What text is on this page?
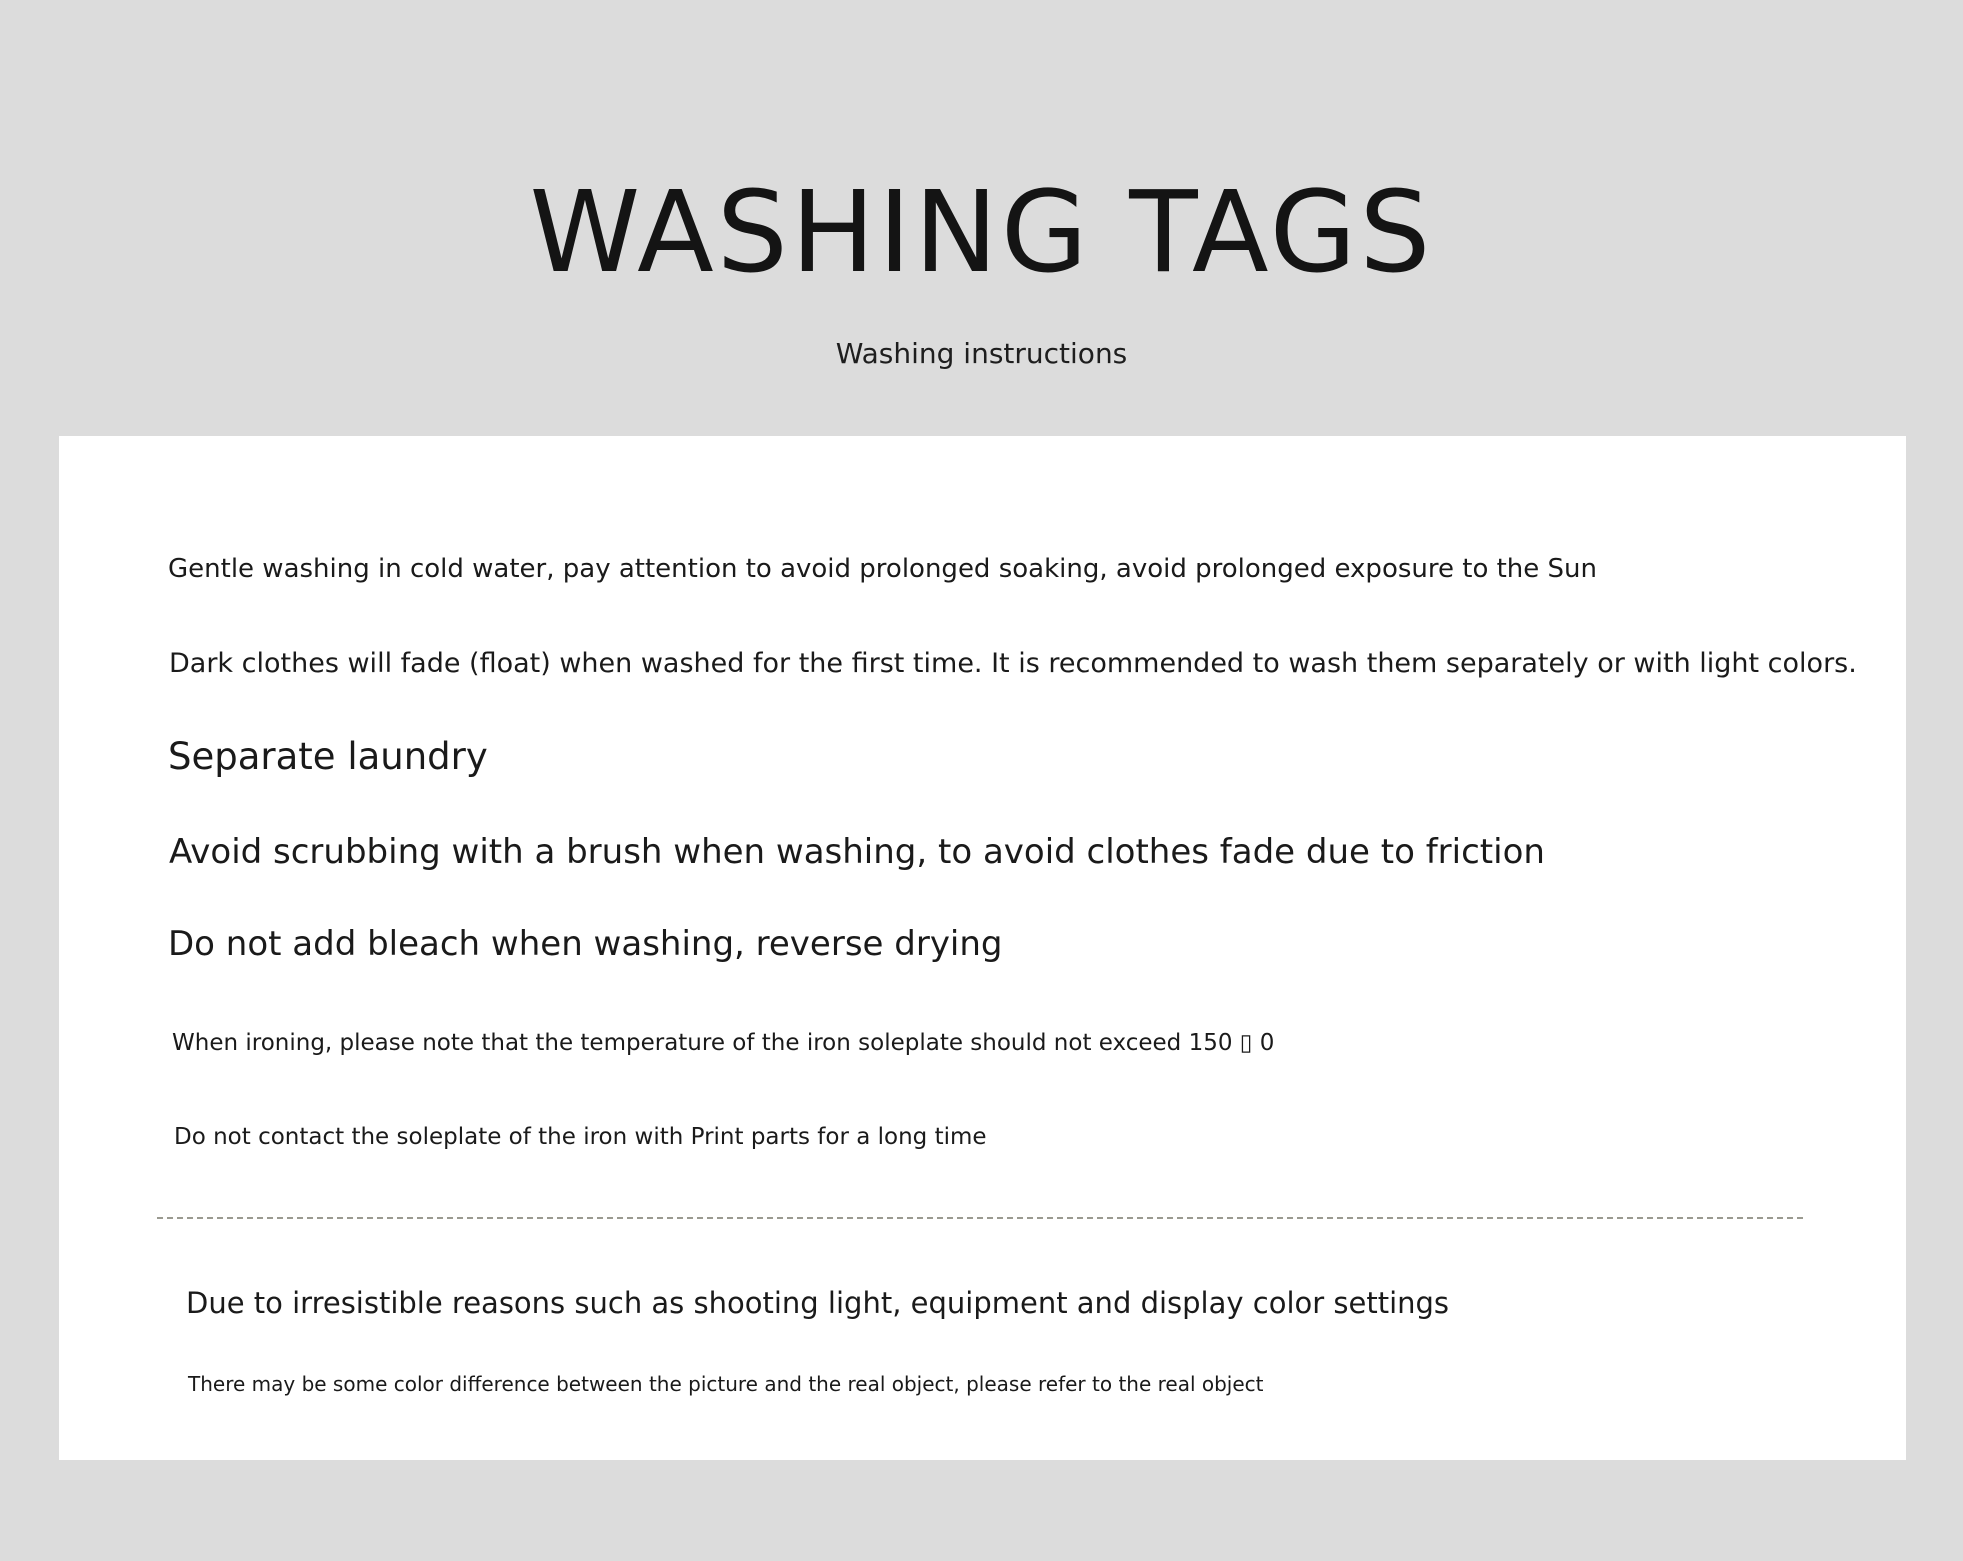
WASHING TAGS

Washing instructions

Gentle washing in cold water, pay attention to avoid prolonged soaking, avoid prolonged exposure to the Sun

Dark clothes will fade (float) when washed for the first time. It is recommended to wash them separately or with light colors.

Separate laundry

Avoid scrubbing with a brush when washing, to avoid clothes fade due to friction

Do not add bleach when washing, reverse drying

When ironing, please note that the temperature of the iron soleplate should not exceed 150 ▯ 0

Do not contact the soleplate of the iron with Print parts for a long time

Due to irresistible reasons such as shooting light, equipment and display color settings

There may be some color difference between the picture and the real object, please refer to the real object
